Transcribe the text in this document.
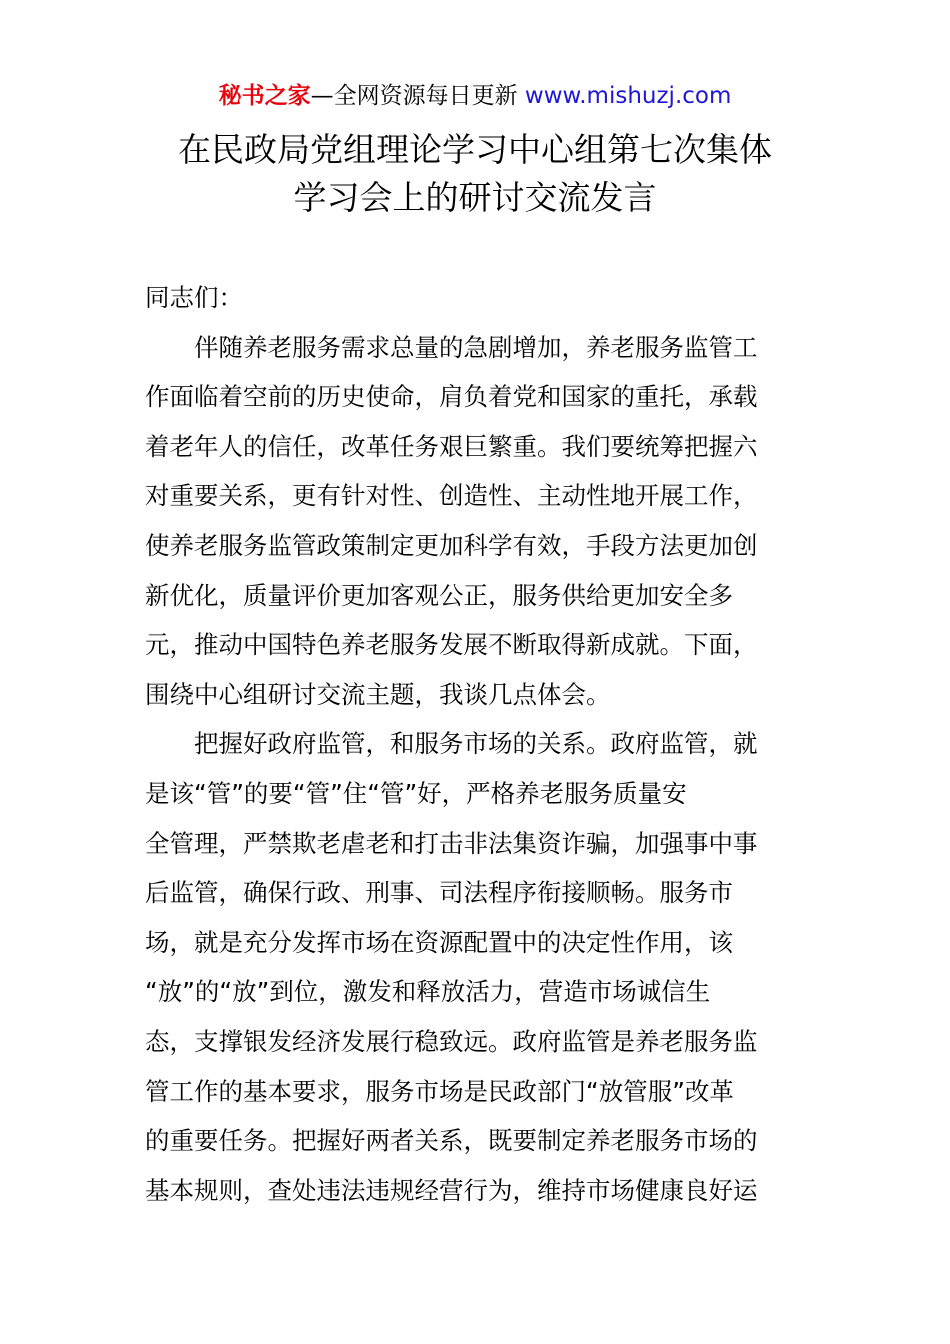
秘书之家—全网资源每日更新 www.mishuzj.com
在民政局党组理论学习中心组第七次集体
学习会上的研讨交流发言
同志们：
伴随养老服务需求总量的急剧增加，养老服务监管工
作面临着空前的历史使命，肩负着党和国家的重托，承载
着老年人的信任，改革任务艰巨繁重。我们要统筹把握六
对重要关系，更有针对性、创造性、主动性地开展工作，
使养老服务监管政策制定更加科学有效，手段方法更加创
新优化，质量评价更加客观公正，服务供给更加安全多
元，推动中国特色养老服务发展不断取得新成就。下面，
围绕中心组研讨交流主题，我谈几点体会。
把握好政府监管，和服务市场的关系。政府监管，就
是该“管”的要“管”住“管”好，严格养老服务质量安
全管理，严禁欺老虐老和打击非法集资诈骗，加强事中事
后监管，确保行政、刑事、司法程序衔接顺畅。服务市
场，就是充分发挥市场在资源配置中的决定性作用，该
“放”的“放”到位，激发和释放活力，营造市场诚信生
态，支撑银发经济发展行稳致远。政府监管是养老服务监
管工作的基本要求，服务市场是民政部门“放管服”改革
的重要任务。把握好两者关系，既要制定养老服务市场的
基本规则，查处违法违规经营行为，维持市场健康良好运
